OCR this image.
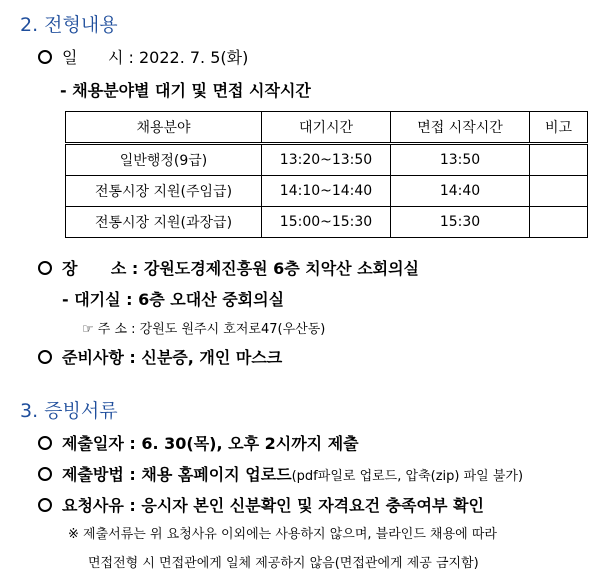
2. 전형내용
일      시 : 2022. 7. 5(화)
- 채용분야별 대기 및 면접 시작시간
채용분야	대기시간	면접 시작시간	비고
일반행정(9급)	13:20~13:50	13:50	
전통시장 지원(주임급)	14:10~14:40	14:40	
전통시장 지원(과장급)	15:00~15:30	15:30	
장      소 : 강원도경제진흥원 6층 치악산 소회의실
- 대기실 : 6층 오대산 중회의실
☞ 주 소 : 강원도 원주시 호저로47(우산동)
준비사항 : 신분증, 개인 마스크
3. 증빙서류
제출일자 : 6. 30(목), 오후 2시까지 제출
제출방법 : 채용 홈페이지 업로드(pdf파일로 업로드, 압축(zip) 파일 불가)
요청사유 : 응시자 본인 신분확인 및 자격요건 충족여부 확인
※ 제출서류는 위 요청사유 이외에는 사용하지 않으며, 블라인드 채용에 따라
면접전형 시 면접관에게 일체 제공하지 않음(면접관에게 제공 금지함)
